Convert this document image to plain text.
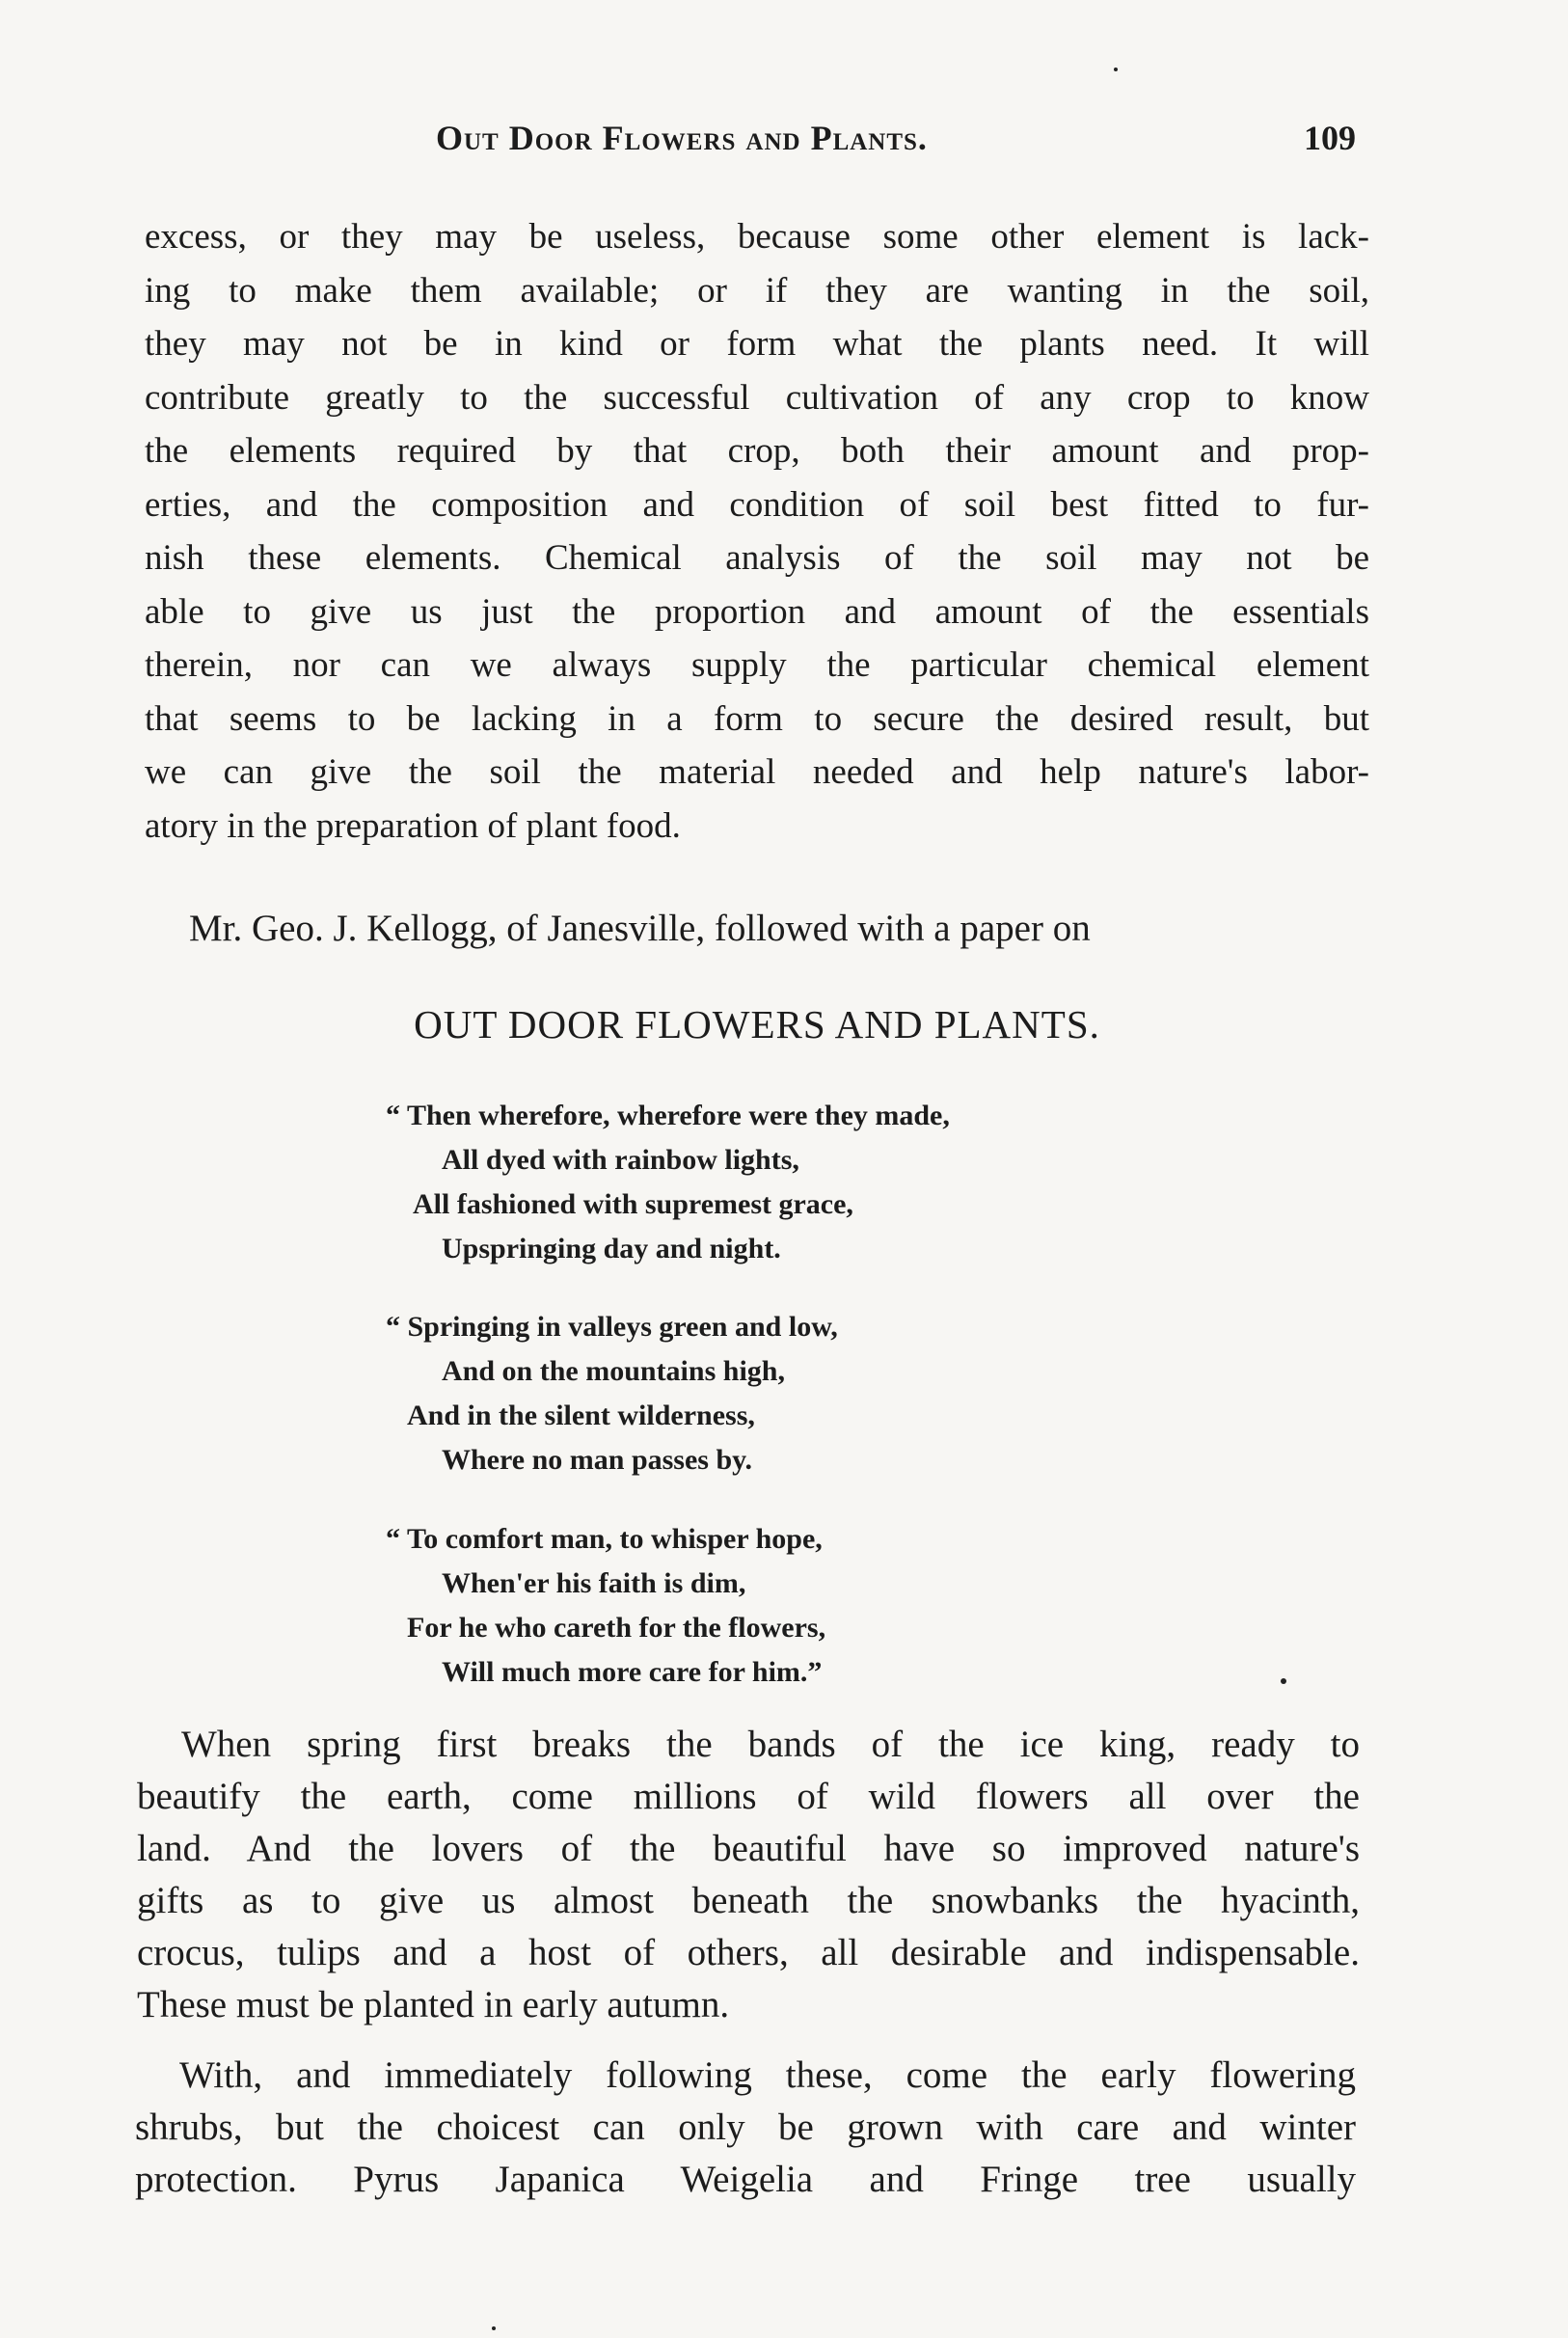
Out Door Flowers and Plants.	109
excess, or they may be useless, because some other element is lack-
ing to make them available; or if they are wanting in the soil,
they may not be in kind or form what the plants need. It will
contribute greatly to the successful cultivation of any crop to know
the elements required by that crop, both their amount and prop-
erties, and the composition and condition of soil best fitted to fur-
nish these elements. Chemical analysis of the soil may not be
able to give us just the proportion and amount of the essentials
therein, nor can we always supply the particular chemical element
that seems to be lacking in a form to secure the desired result, but
we can give the soil the material needed and help nature's labor-
atory in the preparation of plant food.
Mr. Geo. J. Kellogg, of Janesville, followed with a paper on
OUT DOOR FLOWERS AND PLANTS.
“ Then wherefore, wherefore were they made,
All dyed with rainbow lights,
All fashioned with supremest grace,
Upspringing day and night.
“ Springing in valleys green and low,
And on the mountains high,
And in the silent wilderness,
Where no man passes by.
“ To comfort man, to whisper hope,
When'er his faith is dim,
For he who careth for the flowers,
Will much more care for him.”
When spring first breaks the bands of the ice king, ready to
beautify the earth, come millions of wild flowers all over the
land. And the lovers of the beautiful have so improved nature's
gifts as to give us almost beneath the snowbanks the hyacinth,
crocus, tulips and a host of others, all desirable and indispensable.
These must be planted in early autumn.
With, and immediately following these, come the early flowering
shrubs, but the choicest can only be grown with care and winter
protection. Pyrus Japanica Weigelia and Fringe tree usually
